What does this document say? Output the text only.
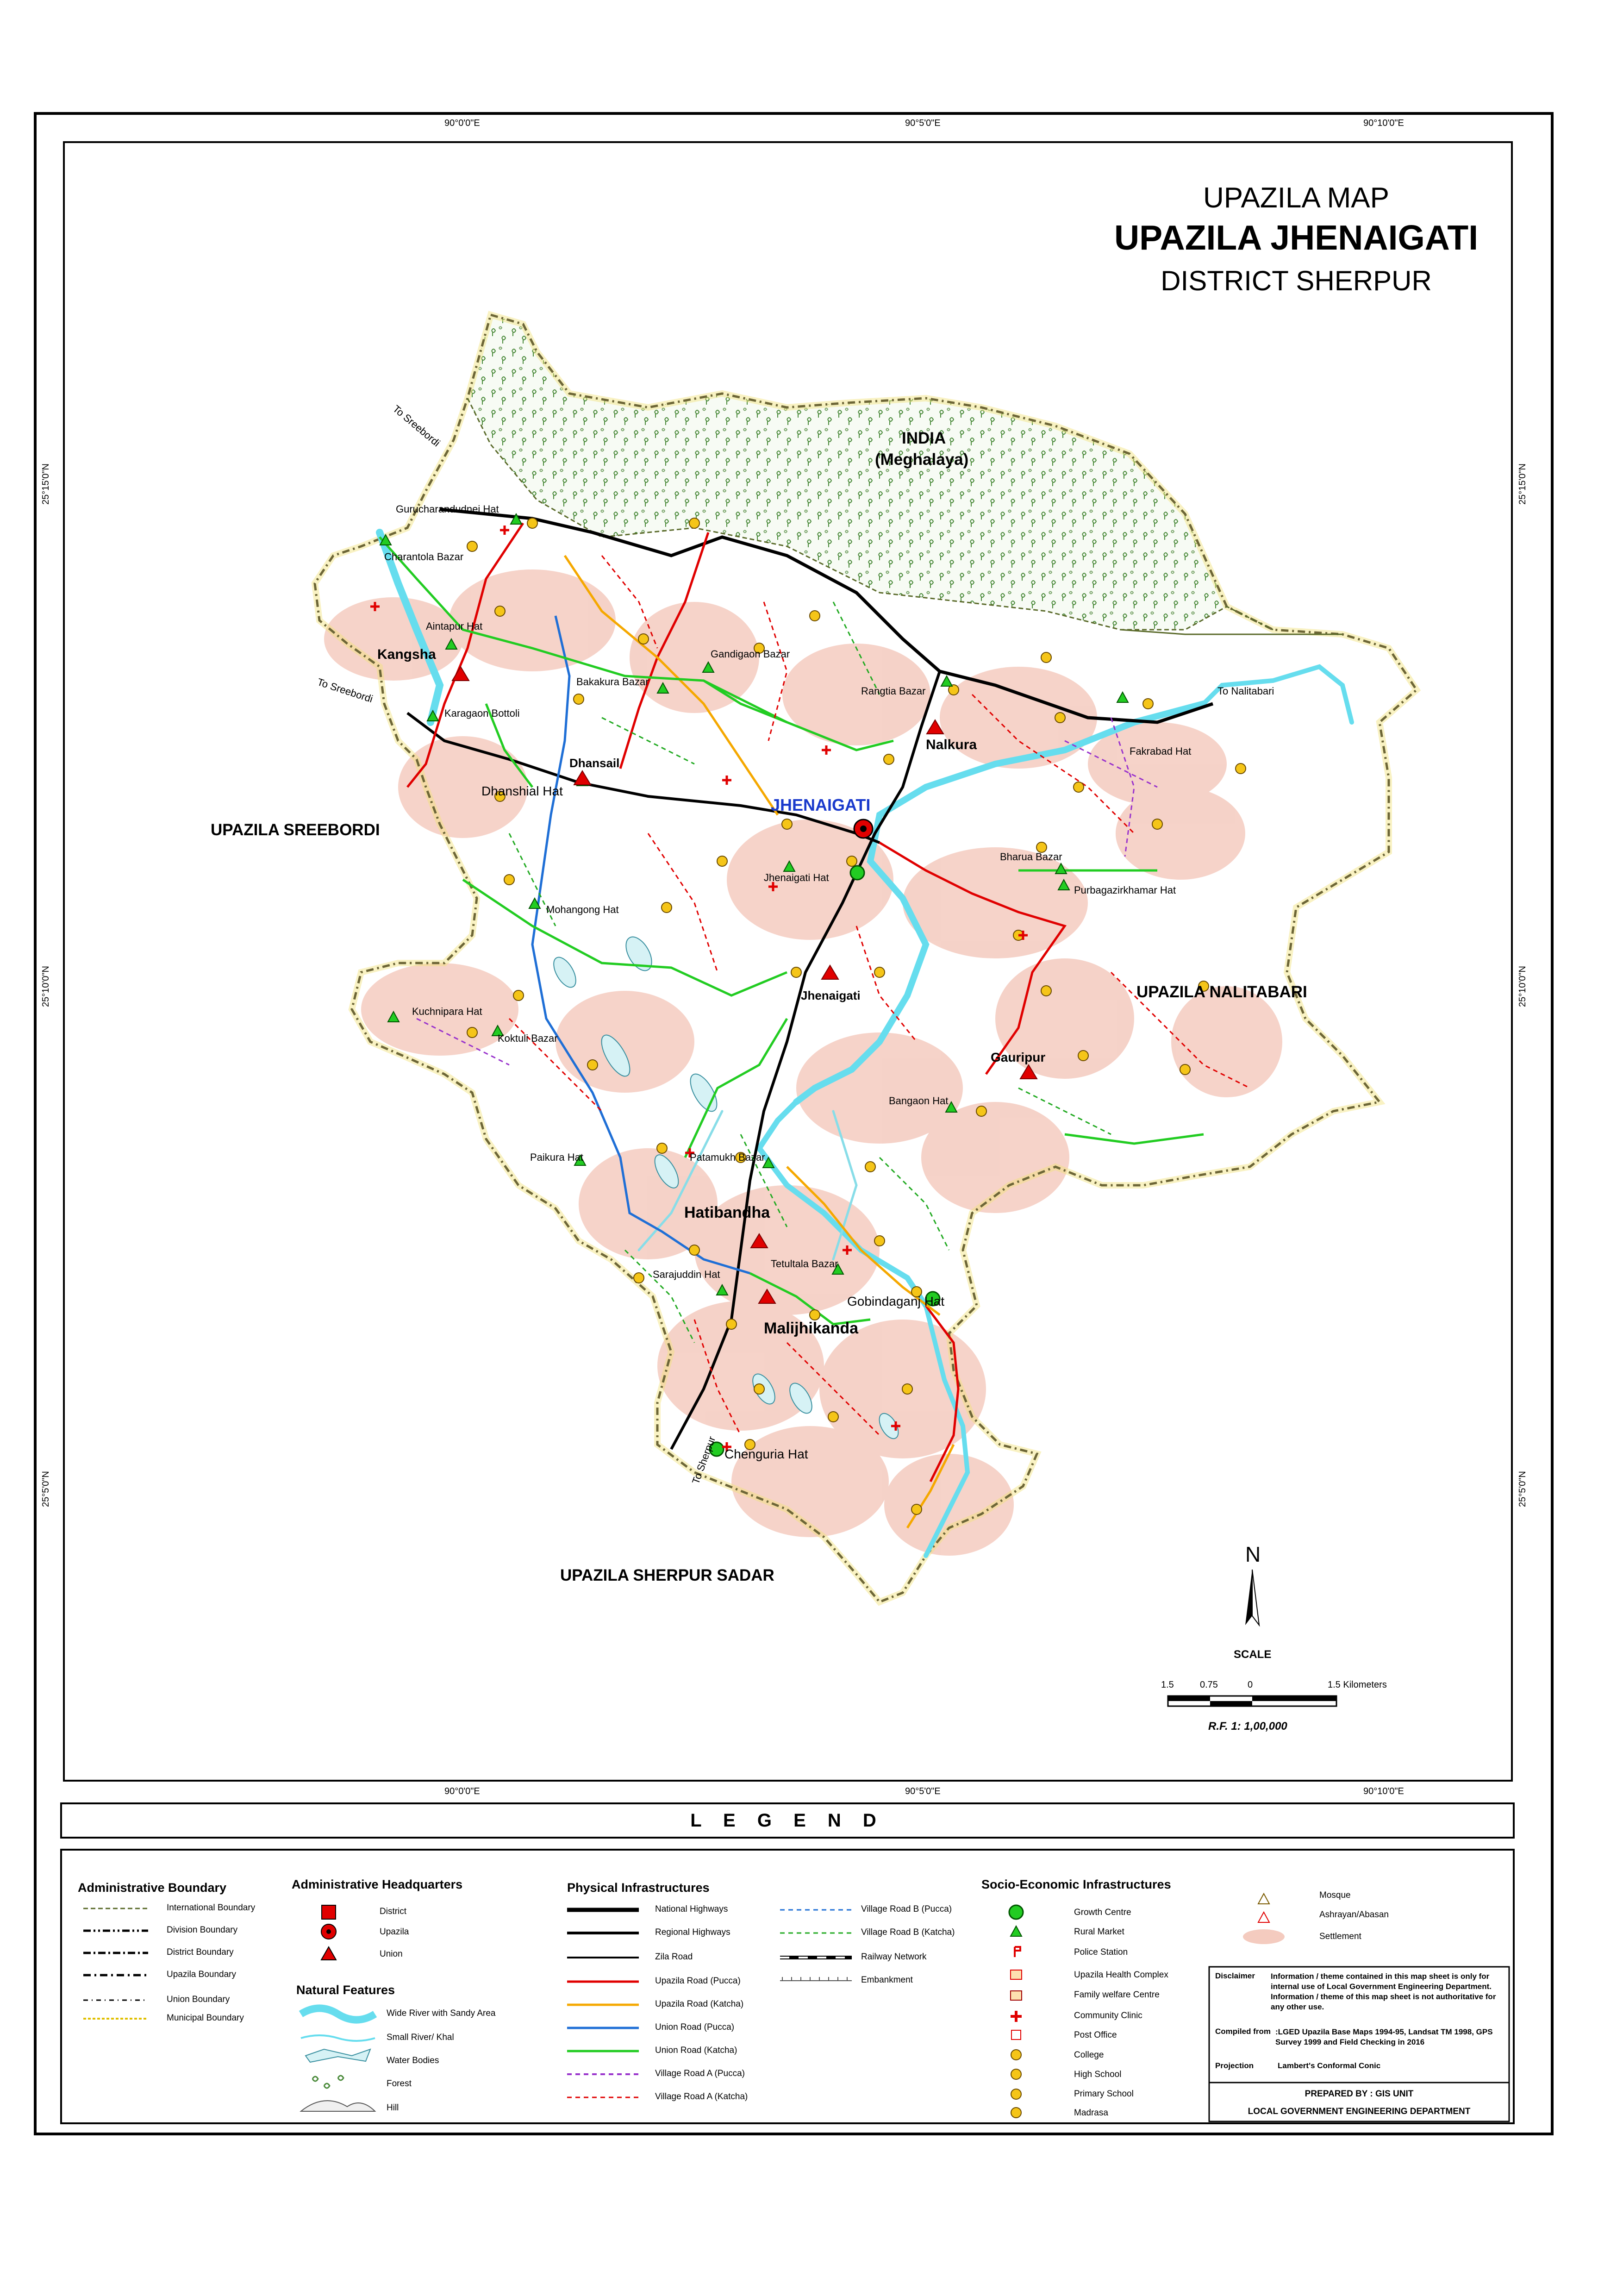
UPAZILA MAP
UPAZILA JHENAIGATI
DISTRICT SHERPUR
90°0'0"E	90°5'0"E	90°10'0"E
90°0'0"E	90°5'0"E	90°10'0"E
25°15'0"N
25°10'0"N
25°5'0"N
25°15'0"N
25°10'0"N
25°5'0"N
INDIA
(Meghalaya)
UPAZILA SREEBORDI
UPAZILA NALITABARI
UPAZILA SHERPUR SADAR
To Sreebordi
To Sreebordi	To Nalitabari
To Sherpur
Kangsha
Dhansail
Nalkura
JHENAIGATI
Jhenaigati
Gauripur
Hatibandha
Malijhikanda
Gurucharandudnei Hat
Charantola Bazar
Aintapur Hat
Gandigaon Bazar
Bakakura Bazar
Rangtia Bazar
Karagaon Bottoli
Fakrabad Hat
Dhanshial Hat
Jhenaigati Hat
Bharua Bazar
Purbagazirkhamar Hat
Mohangong Hat
Kuchnipara Hat
Koktuli Bazar
Bangaon Hat
Paikura Hat	Patamukh Bazar
Tetultala Bazar
Sarajuddin Hat
Gobindaganj Hat
Chenguria Hat
N
SCALE
1.5	0.75	0	1.5 Kilometers
R.F. 1: 1,00,000
L E G E N D
Administrative Boundary
International Boundary
Division Boundary
District Boundary
Upazila Boundary
Union Boundary
Municipal Boundary
Administrative Headquarters
District
Upazila
Union
Natural Features
Wide River with Sandy Area
Small River/ Khal
Water Bodies
Forest
Hill
Physical Infrastructures
National Highways
Regional Highways
Zila Road
Upazila Road (Pucca)
Upazila Road (Katcha)
Union Road (Pucca)
Union Road (Katcha)
Village Road A (Pucca)
Village Road A (Katcha)
Village Road B (Pucca)
Village Road B (Katcha)
Railway Network
Embankment
Socio-Economic Infrastructures
Growth Centre
Rural Market
Police Station
Upazila Health Complex
Family welfare Centre
Community Clinic
Post Office
College
High School
Primary School
Madrasa
Mosque
Ashrayan/Abasan
Settlement
Disclaimer Information / theme contained in this map sheet is only for internal use of Local Government Engineering Department. Information / theme of this map sheet is not authoritative for any other use.
Compiled from :LGED Upazila Base Maps 1994-95, Landsat TM 1998, GPS Survey 1999 and Field Checking in 2016
Projection	Lambert's Conformal Conic
PREPARED BY : GIS UNIT
LOCAL GOVERNMENT ENGINEERING DEPARTMENT
